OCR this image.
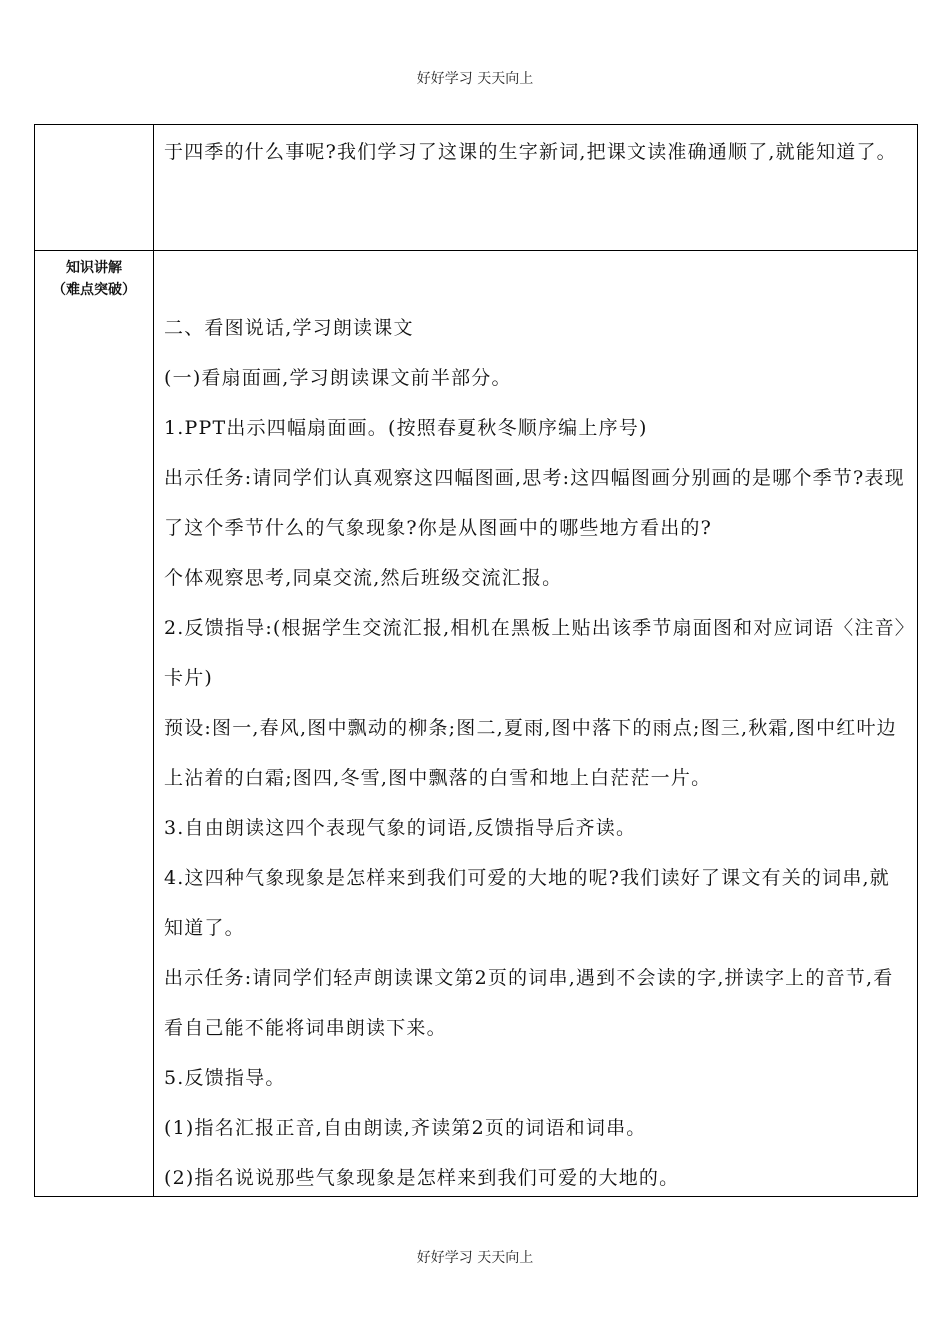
好好学习 天天向上

于四季的什么事呢?我们学习了这课的生字新词,把课文读准确通顺了,就能知道了。

知识讲解
（难点突破）

二、看图说话,学习朗读课文

(一)看扇面画,学习朗读课文前半部分。

1.PPT出示四幅扇面画。(按照春夏秋冬顺序编上序号)

出示任务:请同学们认真观察这四幅图画,思考:这四幅图画分别画的是哪个季节?表现了这个季节什么的气象现象?你是从图画中的哪些地方看出的?

个体观察思考,同桌交流,然后班级交流汇报。

2.反馈指导:(根据学生交流汇报,相机在黑板上贴出该季节扇面图和对应词语〈注音〉卡片)

预设:图一,春风,图中飘动的柳条;图二,夏雨,图中落下的雨点;图三,秋霜,图中红叶边上沾着的白霜;图四,冬雪,图中飘落的白雪和地上白茫茫一片。

3.自由朗读这四个表现气象的词语,反馈指导后齐读。

4.这四种气象现象是怎样来到我们可爱的大地的呢?我们读好了课文有关的词串,就知道了。

出示任务:请同学们轻声朗读课文第2页的词串,遇到不会读的字,拼读字上的音节,看看自己能不能将词串朗读下来。

5.反馈指导。

(1)指名汇报正音,自由朗读,齐读第2页的词语和词串。

(2)指名说说那些气象现象是怎样来到我们可爱的大地的。

好好学习 天天向上
